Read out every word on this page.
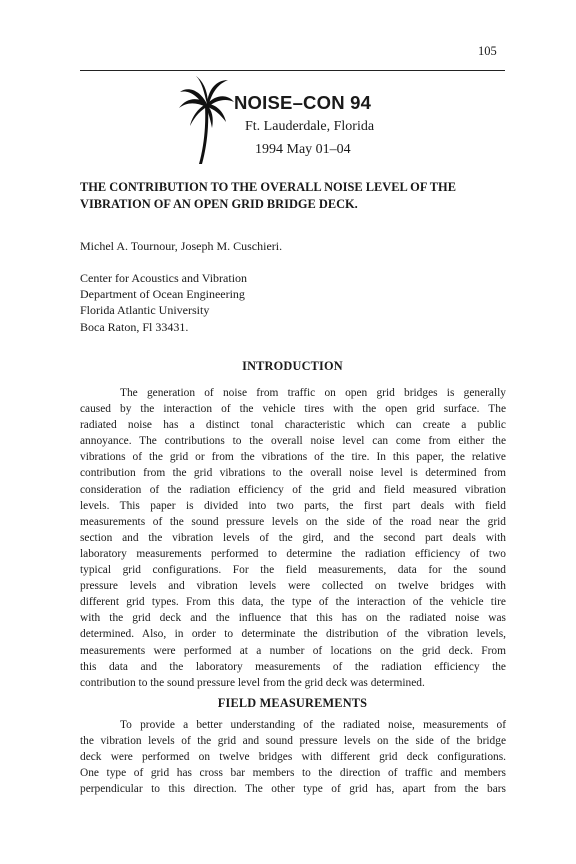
105
NOISE–CON 94
Ft. Lauderdale, Florida
1994 May 01–04
THE CONTRIBUTION TO THE OVERALL NOISE LEVEL OF THE
VIBRATION OF AN OPEN GRID BRIDGE DECK.
Michel A. Tournour, Joseph M. Cuschieri.
Center for Acoustics and Vibration
Department of Ocean Engineering
Florida Atlantic University
Boca Raton, Fl 33431.
INTRODUCTION
The generation of noise from traffic on open grid bridges is generally
caused by the interaction of the vehicle tires with the open grid surface. The
radiated noise has a distinct tonal characteristic which can create a public
annoyance. The contributions to the overall noise level can come from either the
vibrations of the grid or from the vibrations of the tire. In this paper, the relative
contribution from the grid vibrations to the overall noise level is determined from
consideration of the radiation efficiency of the grid and field measured vibration
levels. This paper is divided into two parts, the first part deals with field
measurements of the sound pressure levels on the side of the road near the grid
section and the vibration levels of the gird, and the second part deals with
laboratory measurements performed to determine the radiation efficiency of two
typical grid configurations. For the field measurements, data for the sound
pressure levels and vibration levels were collected on twelve bridges with
different grid types. From this data, the type of the interaction of the vehicle tire
with the grid deck and the influence that this has on the radiated noise was
determined. Also, in order to determinate the distribution of the vibration levels,
measurements were performed at a number of locations on the grid deck. From
this data and the laboratory measurements of the radiation efficiency the
contribution to the sound pressure level from the grid deck was determined.
FIELD MEASUREMENTS
To provide a better understanding of the radiated noise, measurements of
the vibration levels of the grid and sound pressure levels on the side of the bridge
deck were performed on twelve bridges with different grid deck configurations.
One type of grid has cross bar members to the direction of traffic and members
perpendicular to this direction. The other type of grid has, apart from the bars
